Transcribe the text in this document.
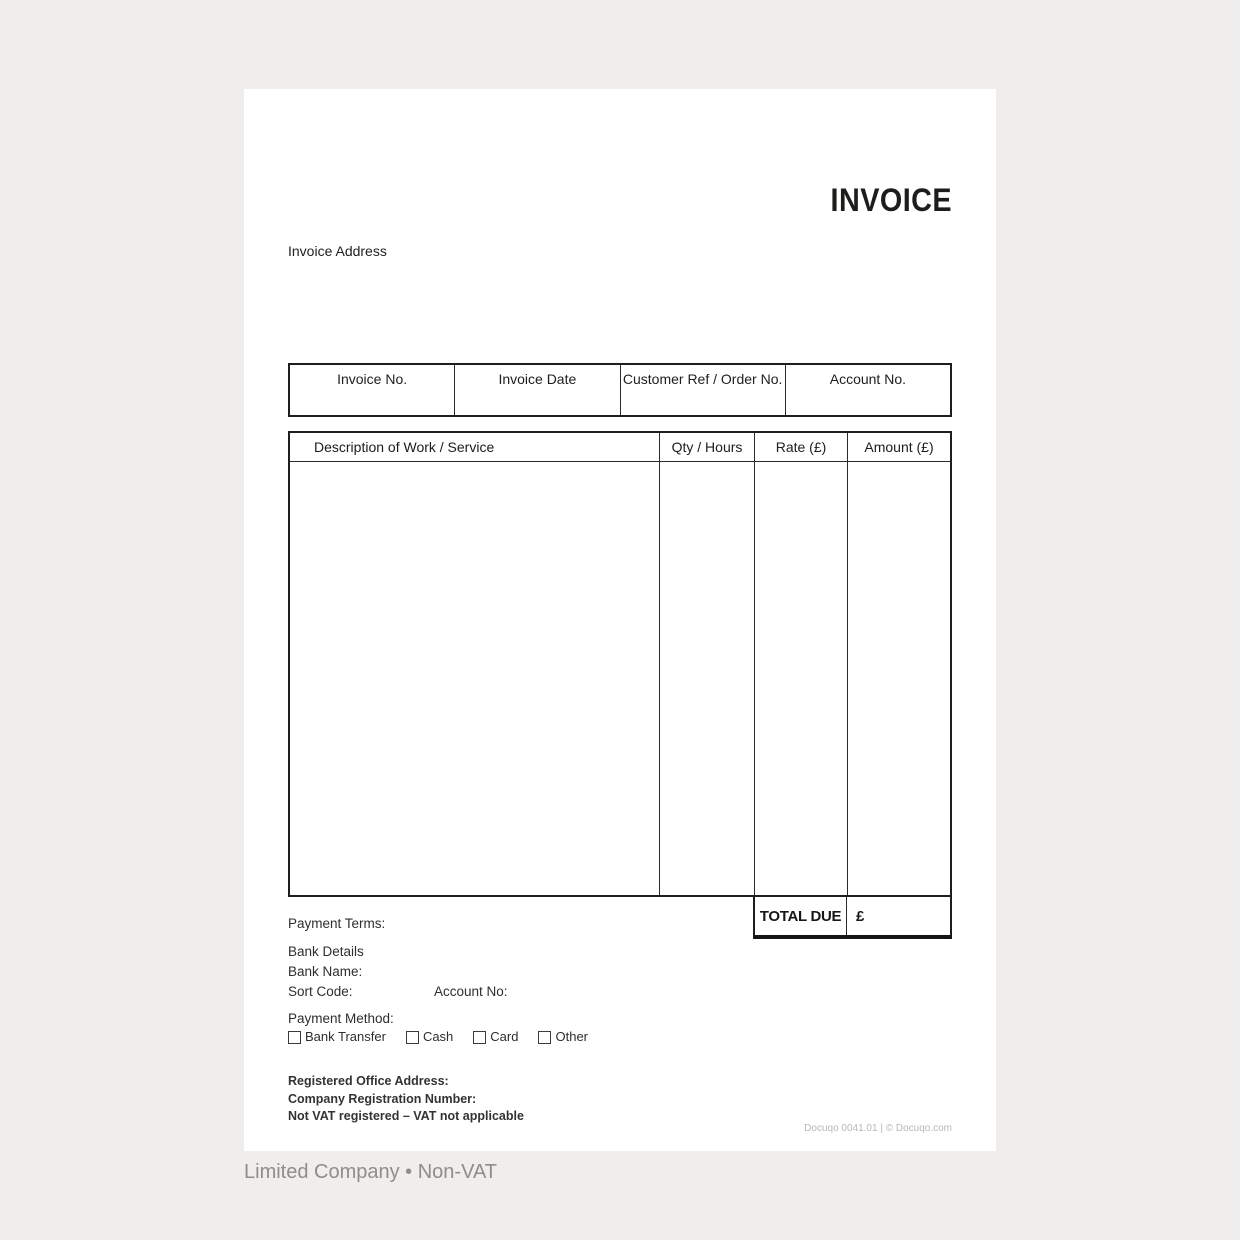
INVOICE
Invoice Address
Invoice No.	Invoice Date	Customer Ref / Order No.	Account No.
Description of Work / Service	Qty / Hours	Rate (£)	Amount (£)
TOTAL DUE £
Payment Terms:
Bank Details
Bank Name:
Sort Code:	Account No:
Payment Method:
Bank Transfer	Cash	Card	Other
Registered Office Address:
Company Registration Number:
Not VAT registered – VAT not applicable
Docuqo 0041.01 | © Docuqo.com
Limited Company • Non-VAT
